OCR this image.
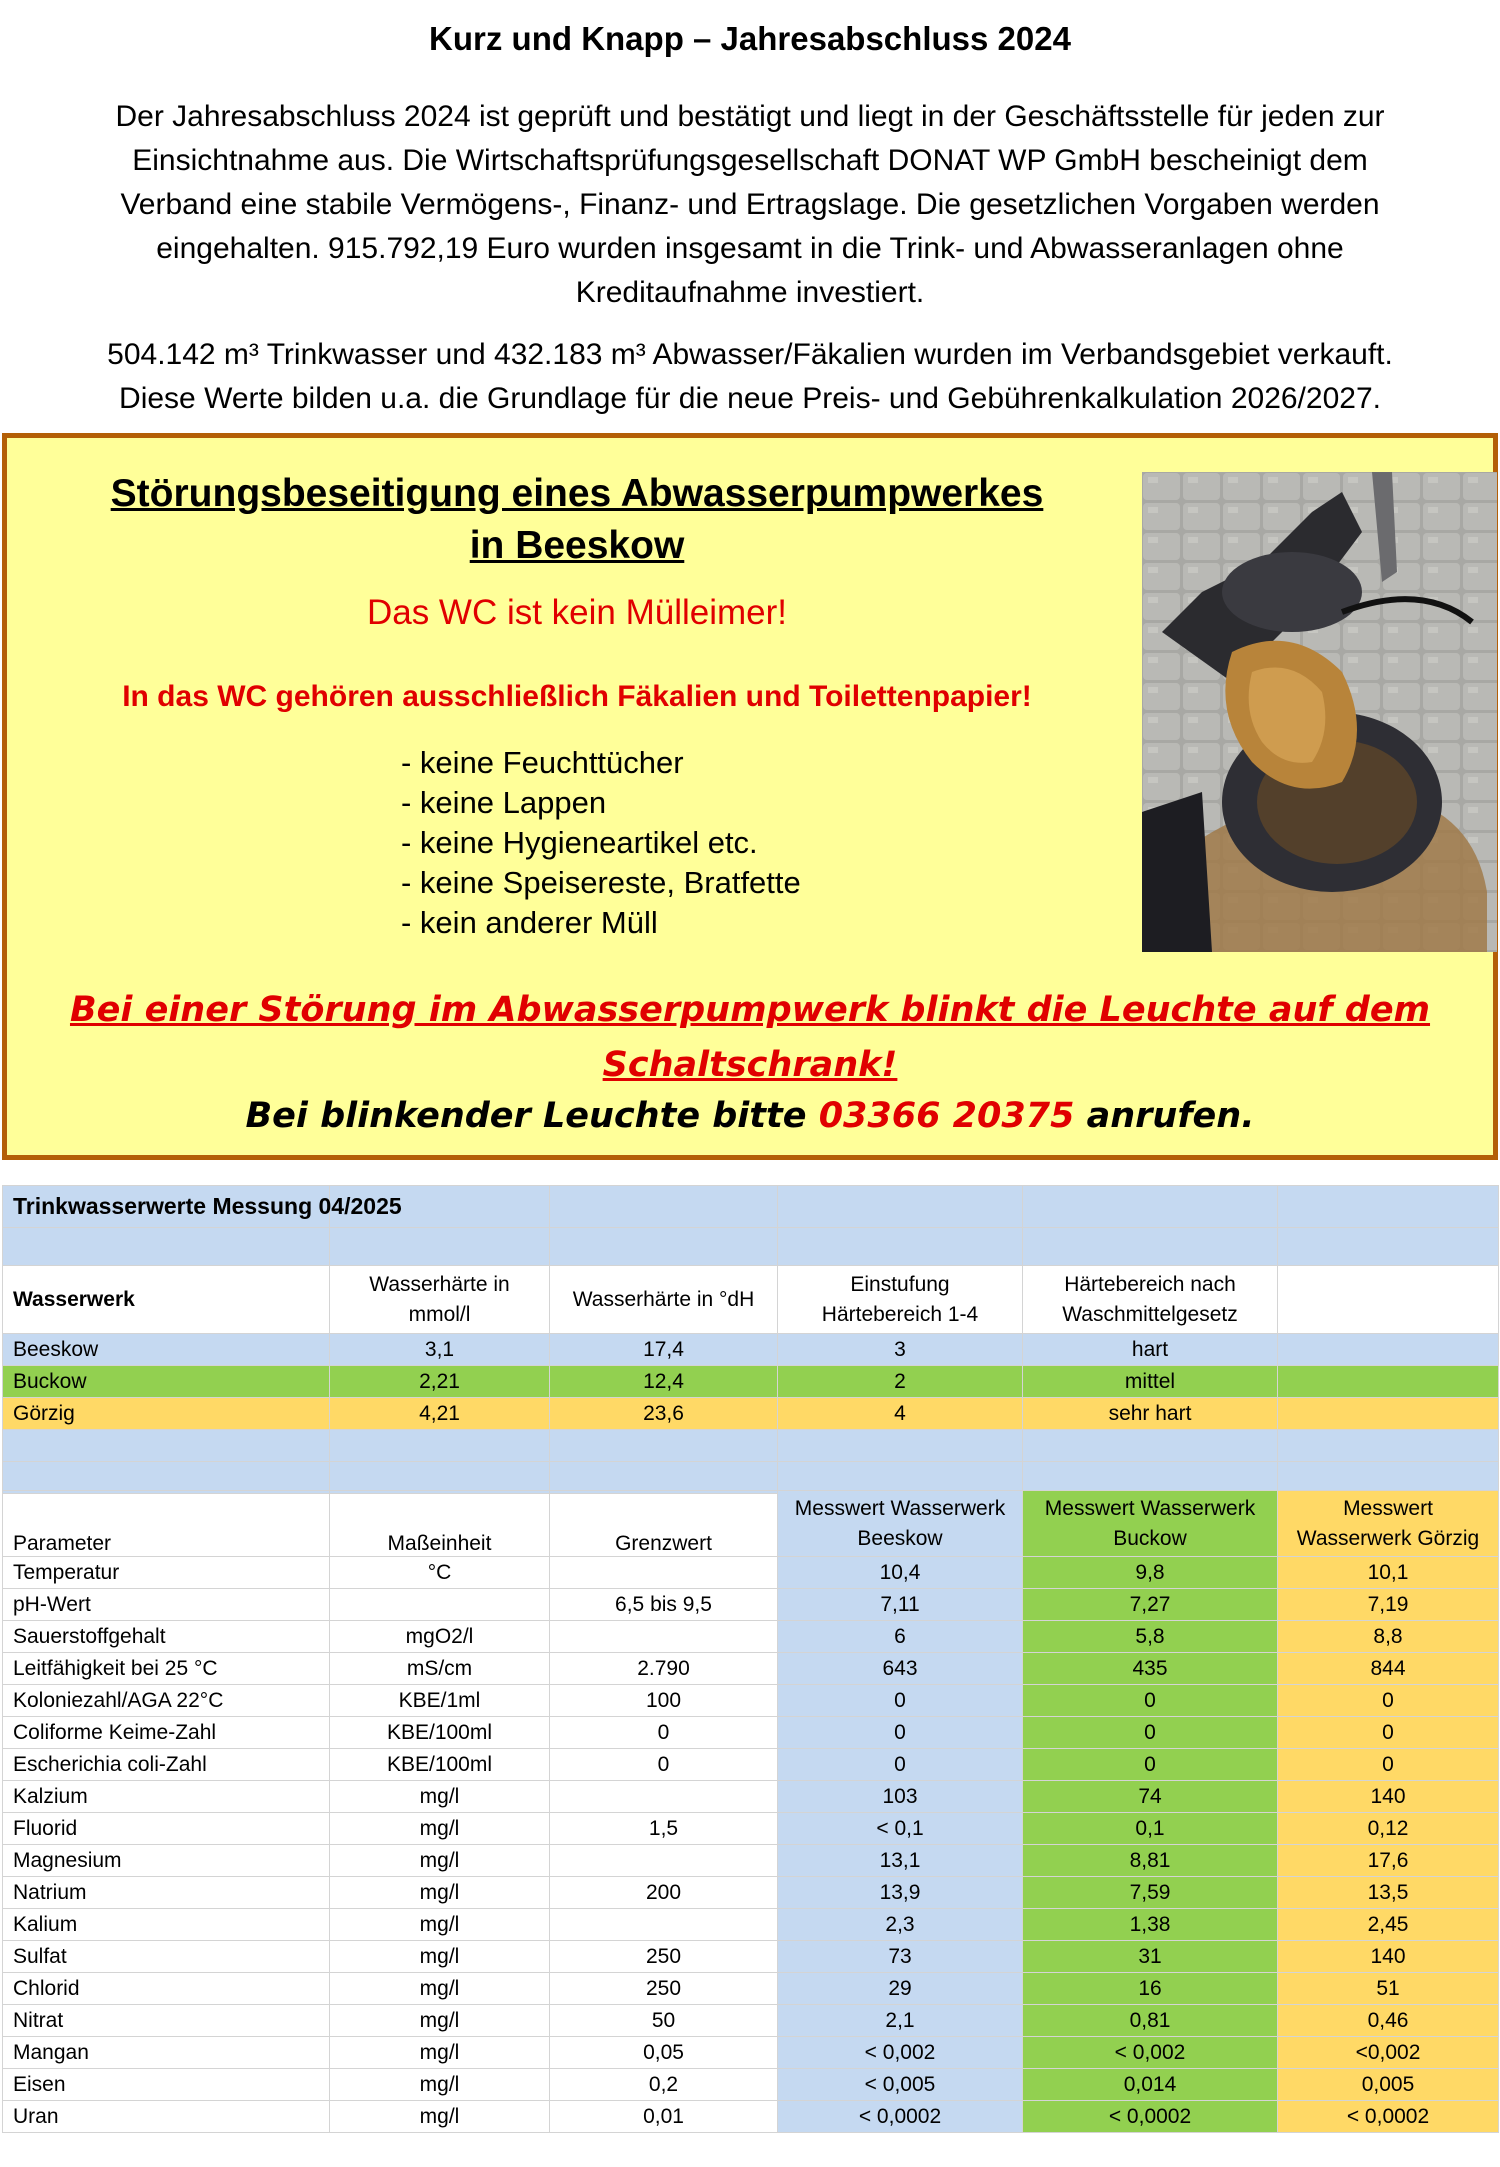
Kurz und Knapp – Jahresabschluss 2024
Der Jahresabschluss 2024 ist geprüft und bestätigt und liegt in der Geschäftsstelle für jeden zur
Einsichtnahme aus. Die Wirtschaftsprüfungsgesellschaft DONAT WP GmbH bescheinigt dem
Verband eine stabile Vermögens-, Finanz- und Ertragslage. Die gesetzlichen Vorgaben werden
eingehalten. 915.792,19 Euro wurden insgesamt in die Trink- und Abwasseranlagen ohne
Kreditaufnahme investiert.
504.142 m³ Trinkwasser und 432.183 m³ Abwasser/Fäkalien wurden im Verbandsgebiet verkauft.
Diese Werte bilden u.a. die Grundlage für die neue Preis- und Gebührenkalkulation 2026/2027.
Störungsbeseitigung eines Abwasserpumpwerkes
in Beeskow
Das WC ist kein Mülleimer!
In das WC gehören ausschließlich Fäkalien und Toilettenpapier!
- keine Feuchttücher
- keine Lappen
- keine Hygieneartikel etc.
- keine Speisereste, Bratfette
- kein anderer Müll
Bei einer Störung im Abwasserpumpwerk blinkt die Leuchte auf dem
Schaltschrank!
Bei blinkender Leuchte bitte 03366 20375 anrufen.
Trinkwasserwerte Messung 04/2025					

Wasserwerk	Wasserhärte in mmol/l	Wasserhärte in °dH	Einstufung Härtebereich 1-4	Härtebereich nach Waschmittelgesetz	
Beeskow	3,1	17,4	3	hart	
Buckow	2,21	12,4	2	mittel	
Görzig	4,21	23,6	4	sehr hart	

Parameter	Maßeinheit	Grenzwert	Messwert Wasserwerk Beeskow	Messwert Wasserwerk Buckow	Messwert Wasserwerk Görzig
Temperatur	°C		10,4	9,8	10,1
pH-Wert		6,5 bis 9,5	7,11	7,27	7,19
Sauerstoffgehalt	mgO2/l		6	5,8	8,8
Leitfähigkeit bei 25 °C	mS/cm	2.790	643	435	844
Koloniezahl/AGA 22°C	KBE/1ml	100	0	0	0
Coliforme Keime-Zahl	KBE/100ml	0	0	0	0
Escherichia coli-Zahl	KBE/100ml	0	0	0	0
Kalzium	mg/l		103	74	140
Fluorid	mg/l	1,5	< 0,1	0,1	0,12
Magnesium	mg/l		13,1	8,81	17,6
Natrium	mg/l	200	13,9	7,59	13,5
Kalium	mg/l		2,3	1,38	2,45
Sulfat	mg/l	250	73	31	140
Chlorid	mg/l	250	29	16	51
Nitrat	mg/l	50	2,1	0,81	0,46
Mangan	mg/l	0,05	< 0,002	< 0,002	<0,002
Eisen	mg/l	0,2	< 0,005	0,014	0,005
Uran	mg/l	0,01	< 0,0002	< 0,0002	< 0,0002
